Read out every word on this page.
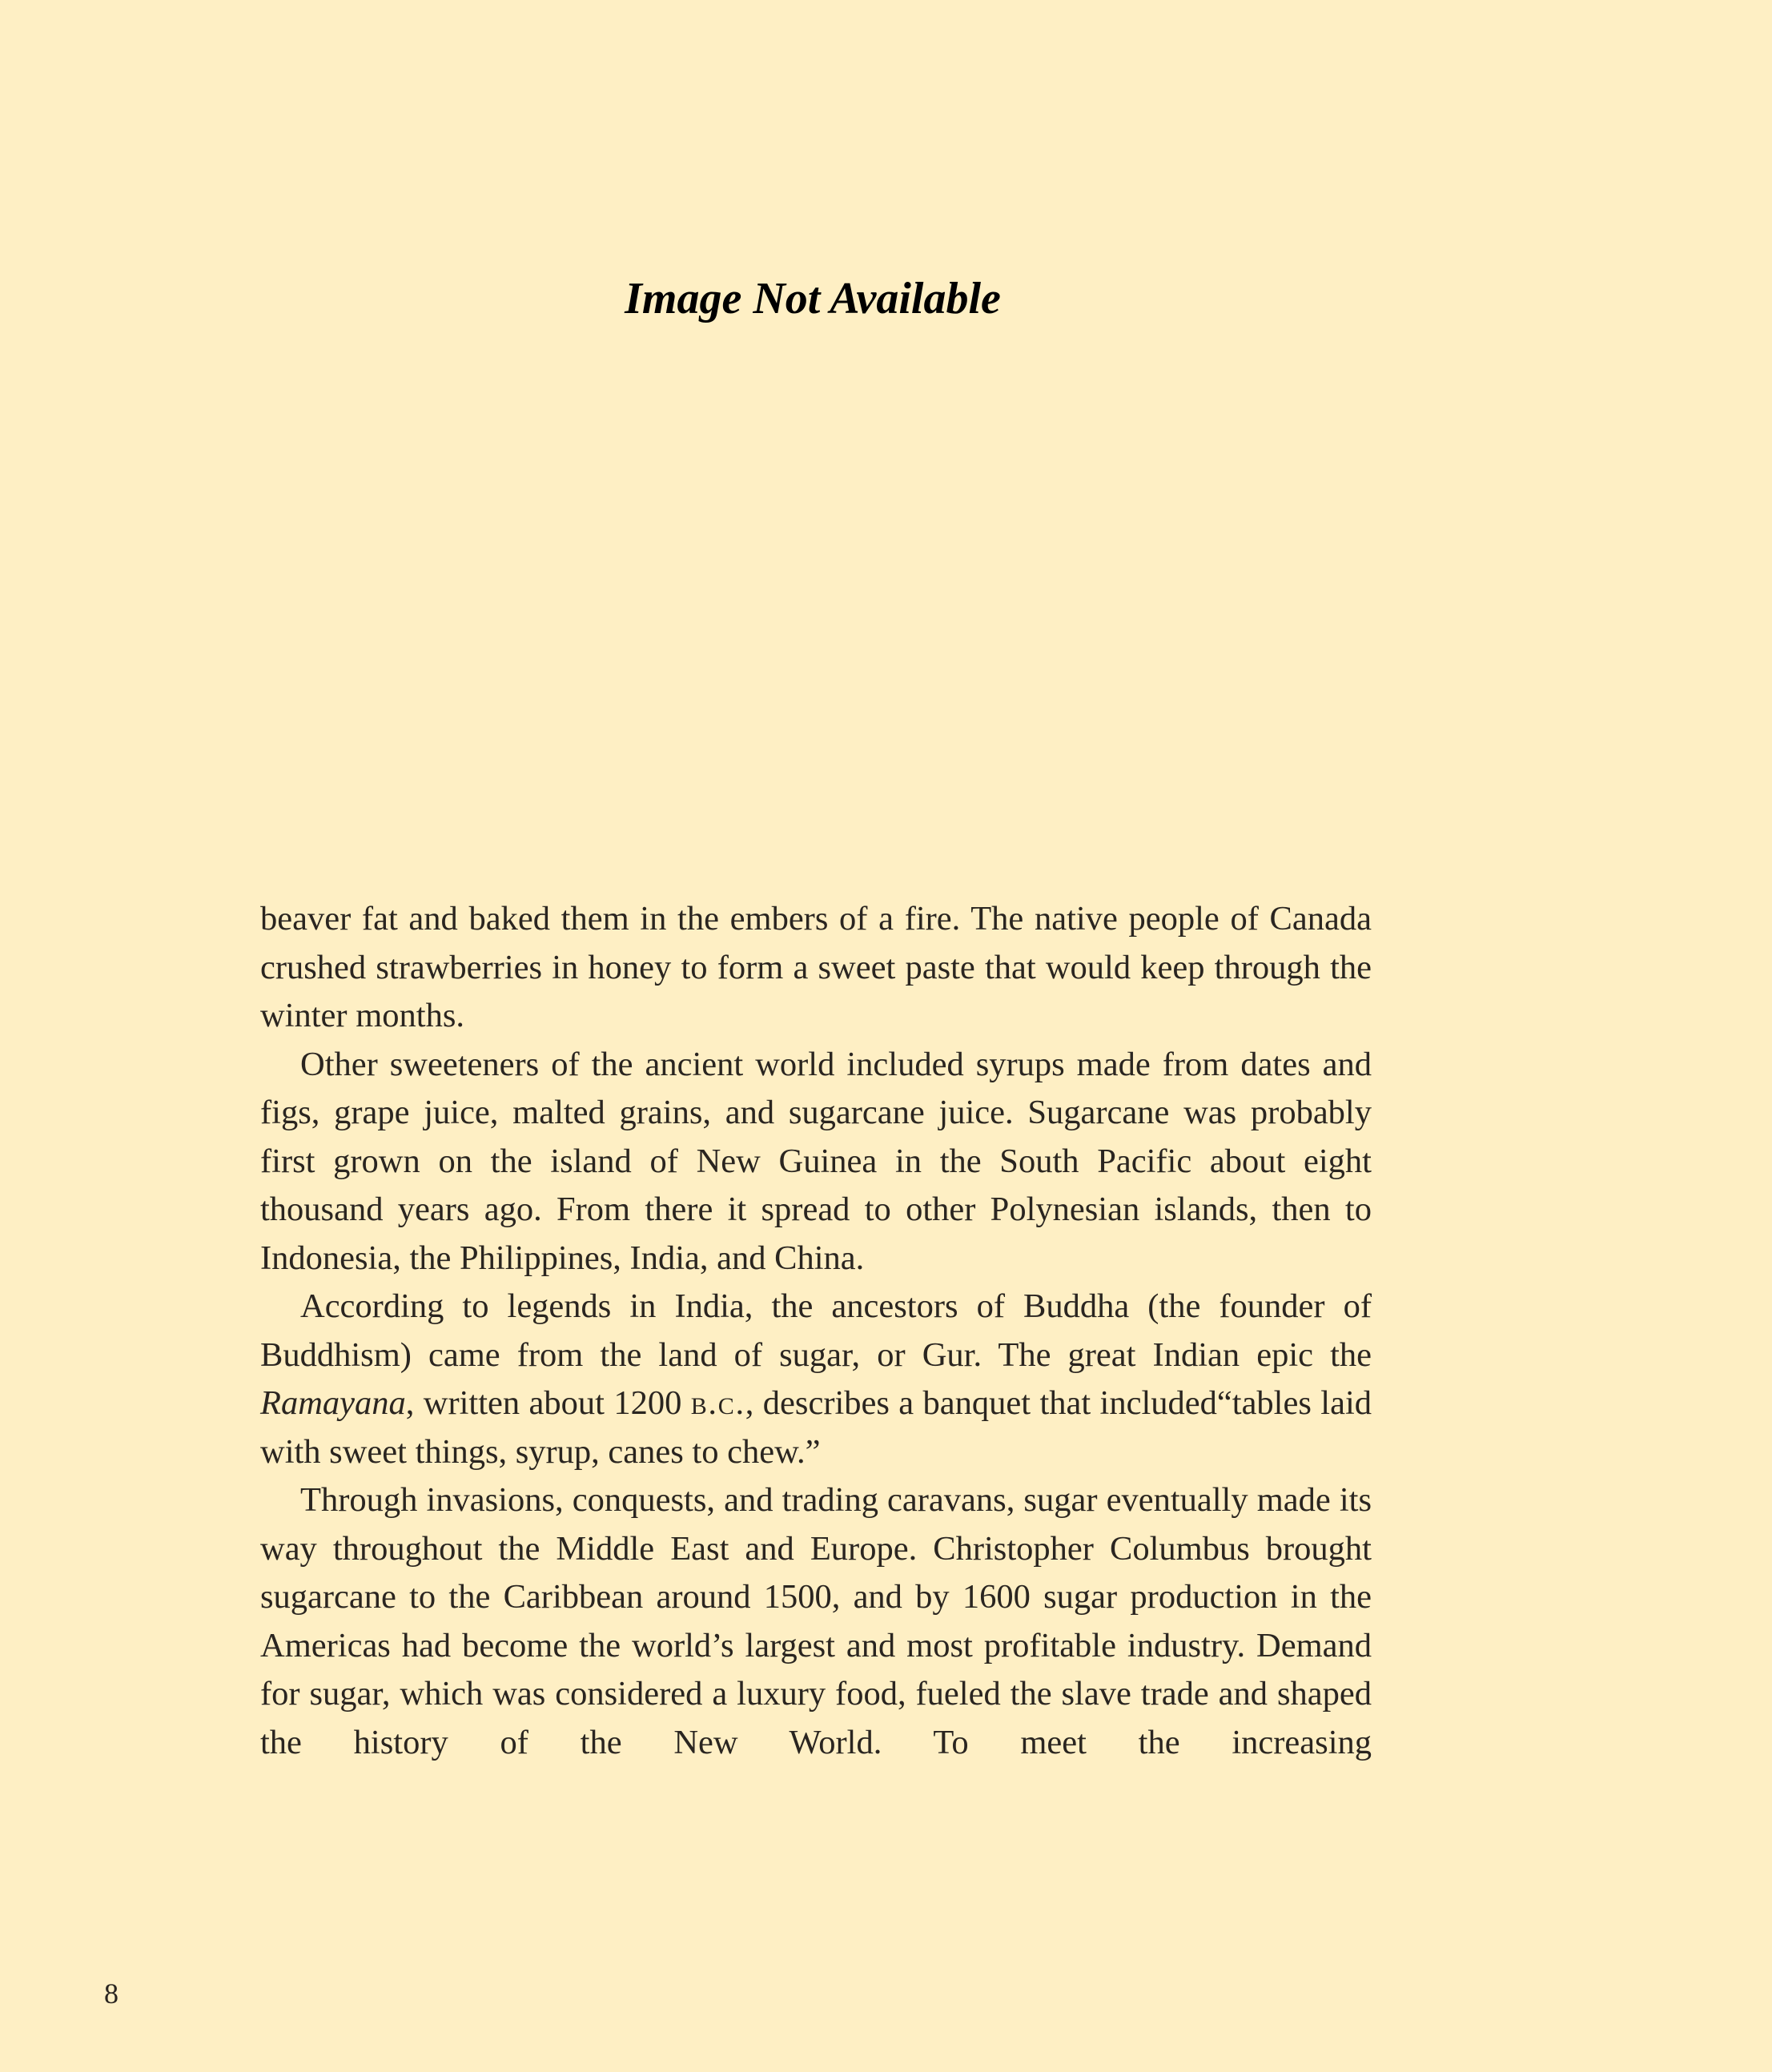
Image Not Available

beaver fat and baked them in the embers of a fire. The native people of Canada crushed strawberries in honey to form a sweet paste that would keep through the winter months.

Other sweeteners of the ancient world included syrups made from dates and figs, grape juice, malted grains, and sugarcane juice. Sugarcane was probably first grown on the island of New Guinea in the South Pacific about eight thousand years ago. From there it spread to other Polynesian islands, then to Indonesia, the Philippines, India, and China.

According to legends in India, the ancestors of Buddha (the founder of Buddhism) came from the land of sugar, or Gur. The great Indian epic the Ramayana, written about 1200 b.c., describes a banquet that included“tables laid with sweet things, syrup, canes to chew.”

Through invasions, conquests, and trading caravans, sugar eventually made its way throughout the Middle East and Europe. Christopher Columbus brought sugarcane to the Caribbean around 1500, and by 1600 sugar production in the Americas had become the world’s largest and most profitable industry. Demand for sugar, which was considered a luxury food, fueled the slave trade and shaped the history of the New World. To meet the increasing

8
